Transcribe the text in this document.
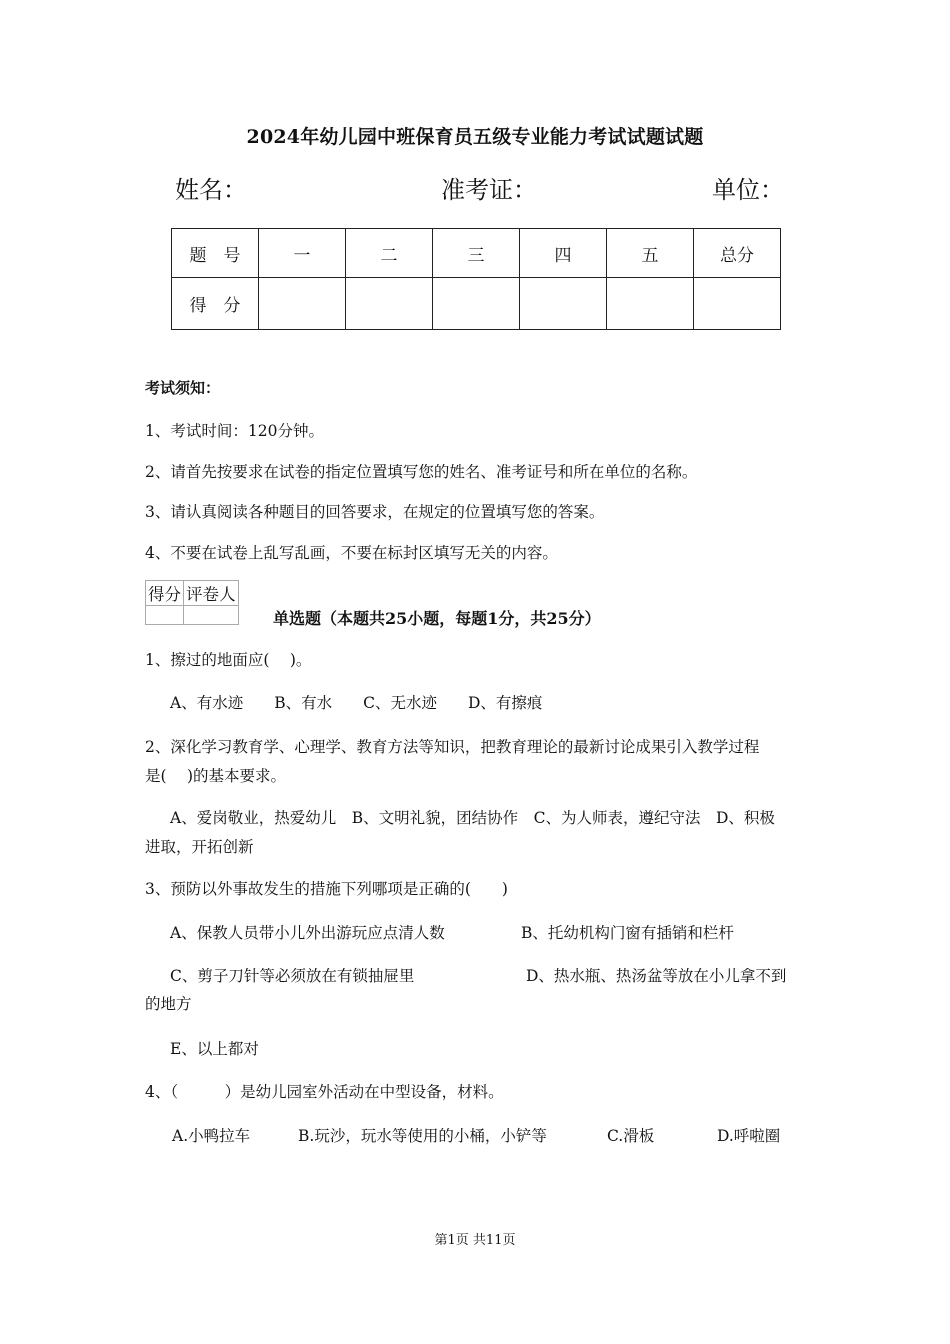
2024年幼儿园中班保育员五级专业能力考试试题试题
姓名：	准考证：	单位：
题　号	一	二	三	四	五	总分
得　分						
考试须知：
1、考试时间：120分钟。
2、请首先按要求在试卷的指定位置填写您的姓名、准考证号和所在单位的名称。
3、请认真阅读各种题目的回答要求，在规定的位置填写您的答案。
4、不要在试卷上乱写乱画，不要在标封区填写无关的内容。
得分	评卷人

单选题（本题共25小题，每题1分，共25分）
1、擦过的地面应(　 )。
A、有水迹　　B、有水　　C、无水迹　　D、有擦痕
2、深化学习教育学、心理学、教育方法等知识，把教育理论的最新讨论成果引入教学过程
是(　 )的基本要求。
A、爱岗敬业，热爱幼儿　B、文明礼貌，团结协作　C、为人师表，遵纪守法　D、积极
进取，开拓创新
3、预防以外事故发生的措施下列哪项是正确的(　　)
A、保教人员带小儿外出游玩应点清人数	B、托幼机构门窗有插销和栏杆
C、剪子刀针等必须放在有锁抽屉里	D、热水瓶、热汤盆等放在小儿拿不到
的地方
E、以上都对
4、（　　　）是幼儿园室外活动在中型设备，材料。
A.小鸭拉车	B.玩沙，玩水等使用的小桶，小铲等	C.滑板	D.呼啦圈
第1页 共11页
